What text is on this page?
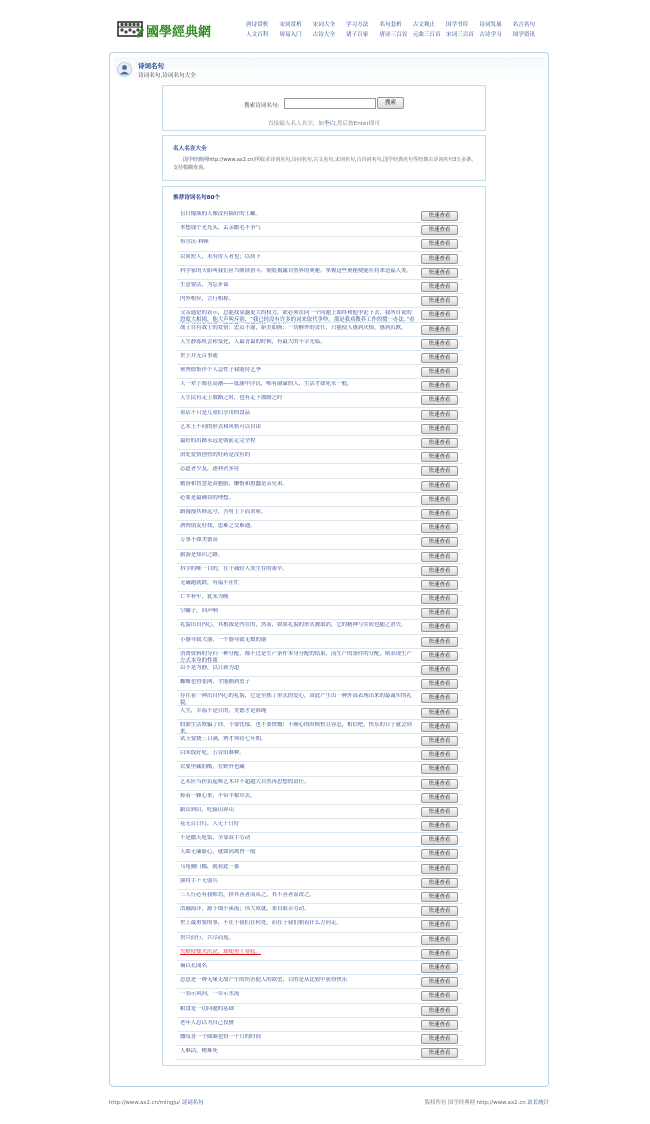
國學經典網	唐诗赏析	宋词赏析	宋词大全	学习方法	名句套析	古文观止	国学书库	诗词发展	名言名句
人文百科	周易入门	古诗大全	诸子百家	唐诗三百首 元曲三百首 宋词三百首 古诗学习	国学资讯
诗词名句
诗词名句,诗词名句大全
搜索诗词名句:	搜索
直接输入名人名字，如李白,然后按Enter即可
名人名言大全
国学经典网http://www.ax2.cn/所收录诗词名句,诗词名句,古文名句,宋词名句,古诗词名句,国学经典名句等经典古诗词名句3万多条，支持模糊查询。
推荐诗词名句80个
盲目傻瓶的人像没有搞好的土罐。	快速查看
本想钱个光光头，丢亲瞻毛不争气	快速查看
布尔沃·利顿	快速查看
以质短人，未有得人者也；以质下	快速查看
科学家的天职叫我们应当继续奋斗，彻底揭露自然界的奥秘，掌握这些奥秘便能在将来造福人类。	快速查看
生意要活，为忘步谋	快速查看
内外相应，言行相称。	快速查看
父亲通是的表示，总能找显露更大的权力，欲必须在同一个问题上始终和他争论下去，我所自说的恐度大相揭，他大声叫斥别，“我已经没有许多的词来取代争吵。那是我劝教养工作的惯一办法。”看
快速查看
战士自有战士的爱情：忠贞不渝，新美如画；一切额外的责任，只能使人感到厌烦，感到沉默。	快速查看
人生静寡机会和变化，人最青最的时候，有最大的不幸光临。	快速查看
世上并无百事通	快速查看
奥博德集伴个人急性子我能持艺季	快速查看
人一辈子都在高潮——低潮中浮沉，唯有庸碌的人，生活才如死水一般。	快速查看
人生民有走上坡路之时，也有走下坡路之时	快速查看
童话不只是儿童们享用的食品	快速查看
艺术上不同的形式和风格可以自由	快速查看
最好的出路永远是朝前走完全程	快速查看
治处爱情创伤的好药是没有的	快速查看
志道者少友，逐利者多侍	快速查看
勤奋和智慧是双胞胎，懒惰和愚蠢是亲兄弟。	快速查看
必要是最确切的理想。	快速查看
路漫漫其修远兮，吾将上下而求索。	快速查看
酒肉朋友好找，患难之交难遇。	快速查看
万事不如美德高	快速查看
旅游是知识之路。	快速查看
科学的唯一目的，在于减轻人类生存的艰辛。	快速查看
无磕跑就跌，有福不在忙	快速查看
亡羊补牢，犹未为晚	快速查看
空罐子，回声响	快速查看
礼貌出自内心，其根源是内在的，然而，如果礼貌的形式被取消，它的精神与实质也随之消失。	快速查看
小器导致大器，一个器导致无数的器	快速查看
消费资料的分归一种分配，都不过是生产条件本身分配的结果。而生产的条件的分配，则表现生产方式本身的性质
快速查看
以不是为静，以日新为道	快速查看
蜘蛛也得张网，才能捕到虫子	快速查看
存在着一种出自内心的礼貌，它是至挨了形式的爱心，由此产生出一种外部表现出来的最诚实的礼貌。
快速查看
人生，幸福不是目的，美德才是准绳	快速查看
假如生活欺骗了你，不要忧郁，也不要愤慨！不顺心的时候暂且容忍，相信吧，快乐的日子就会到来。
快速查看
试玉要烧三日满，辨才须待七年期。	快速查看
白米饭好吃，五谷田难种。	快速查看
衣要里藏的酷，在野外也藏	快速查看
艺术应当担负起唤艺术并不超越大自然再思想的责任。	快速查看
捧着一颗心来，不带半根草去。	快速查看
跟山到山，吃猿山养山	快速查看
花无百日红，人无千日好	快速查看
不是撒天吃饭，全靠双手劳动	快速查看
人如无廉耻心，就如同禽兽一般	快速查看
乌龟胸门槛，就看此一番	快速查看
强将手下无弱兵	快速查看
三人行必有我师焉，择其善者而从之，其不善者而改之。	快速查看
浩瀚海洋，源于细小溪流；伟大成就，来自艰苦劳动。	快速查看
世上最重要的事，不在于我们在何处，而在于我们朝着什么方向走。	快速查看
贵兴而行，兴尽而返。	快速查看
失败使懦夫沉沦，却使勇士奋起。	快速查看
摘以孔闻名	快速查看
忌意是一种无缘无故产生的伤害他人的欲望，目的是从比较中获得快乐	快速查看
一羽示风向，一草示水流	快速查看
粮食是一切问题的基础	快速查看
老年人总以为自己狡猾	快速查看
撒叹喜一个圆圈也得一个月的时间	快速查看
人难活，树难死	快速查看
http://www.ax2.cn/mingju/ 诗词名句	版权所有 国学经典网 http://www.ax2.cn 站长统计
